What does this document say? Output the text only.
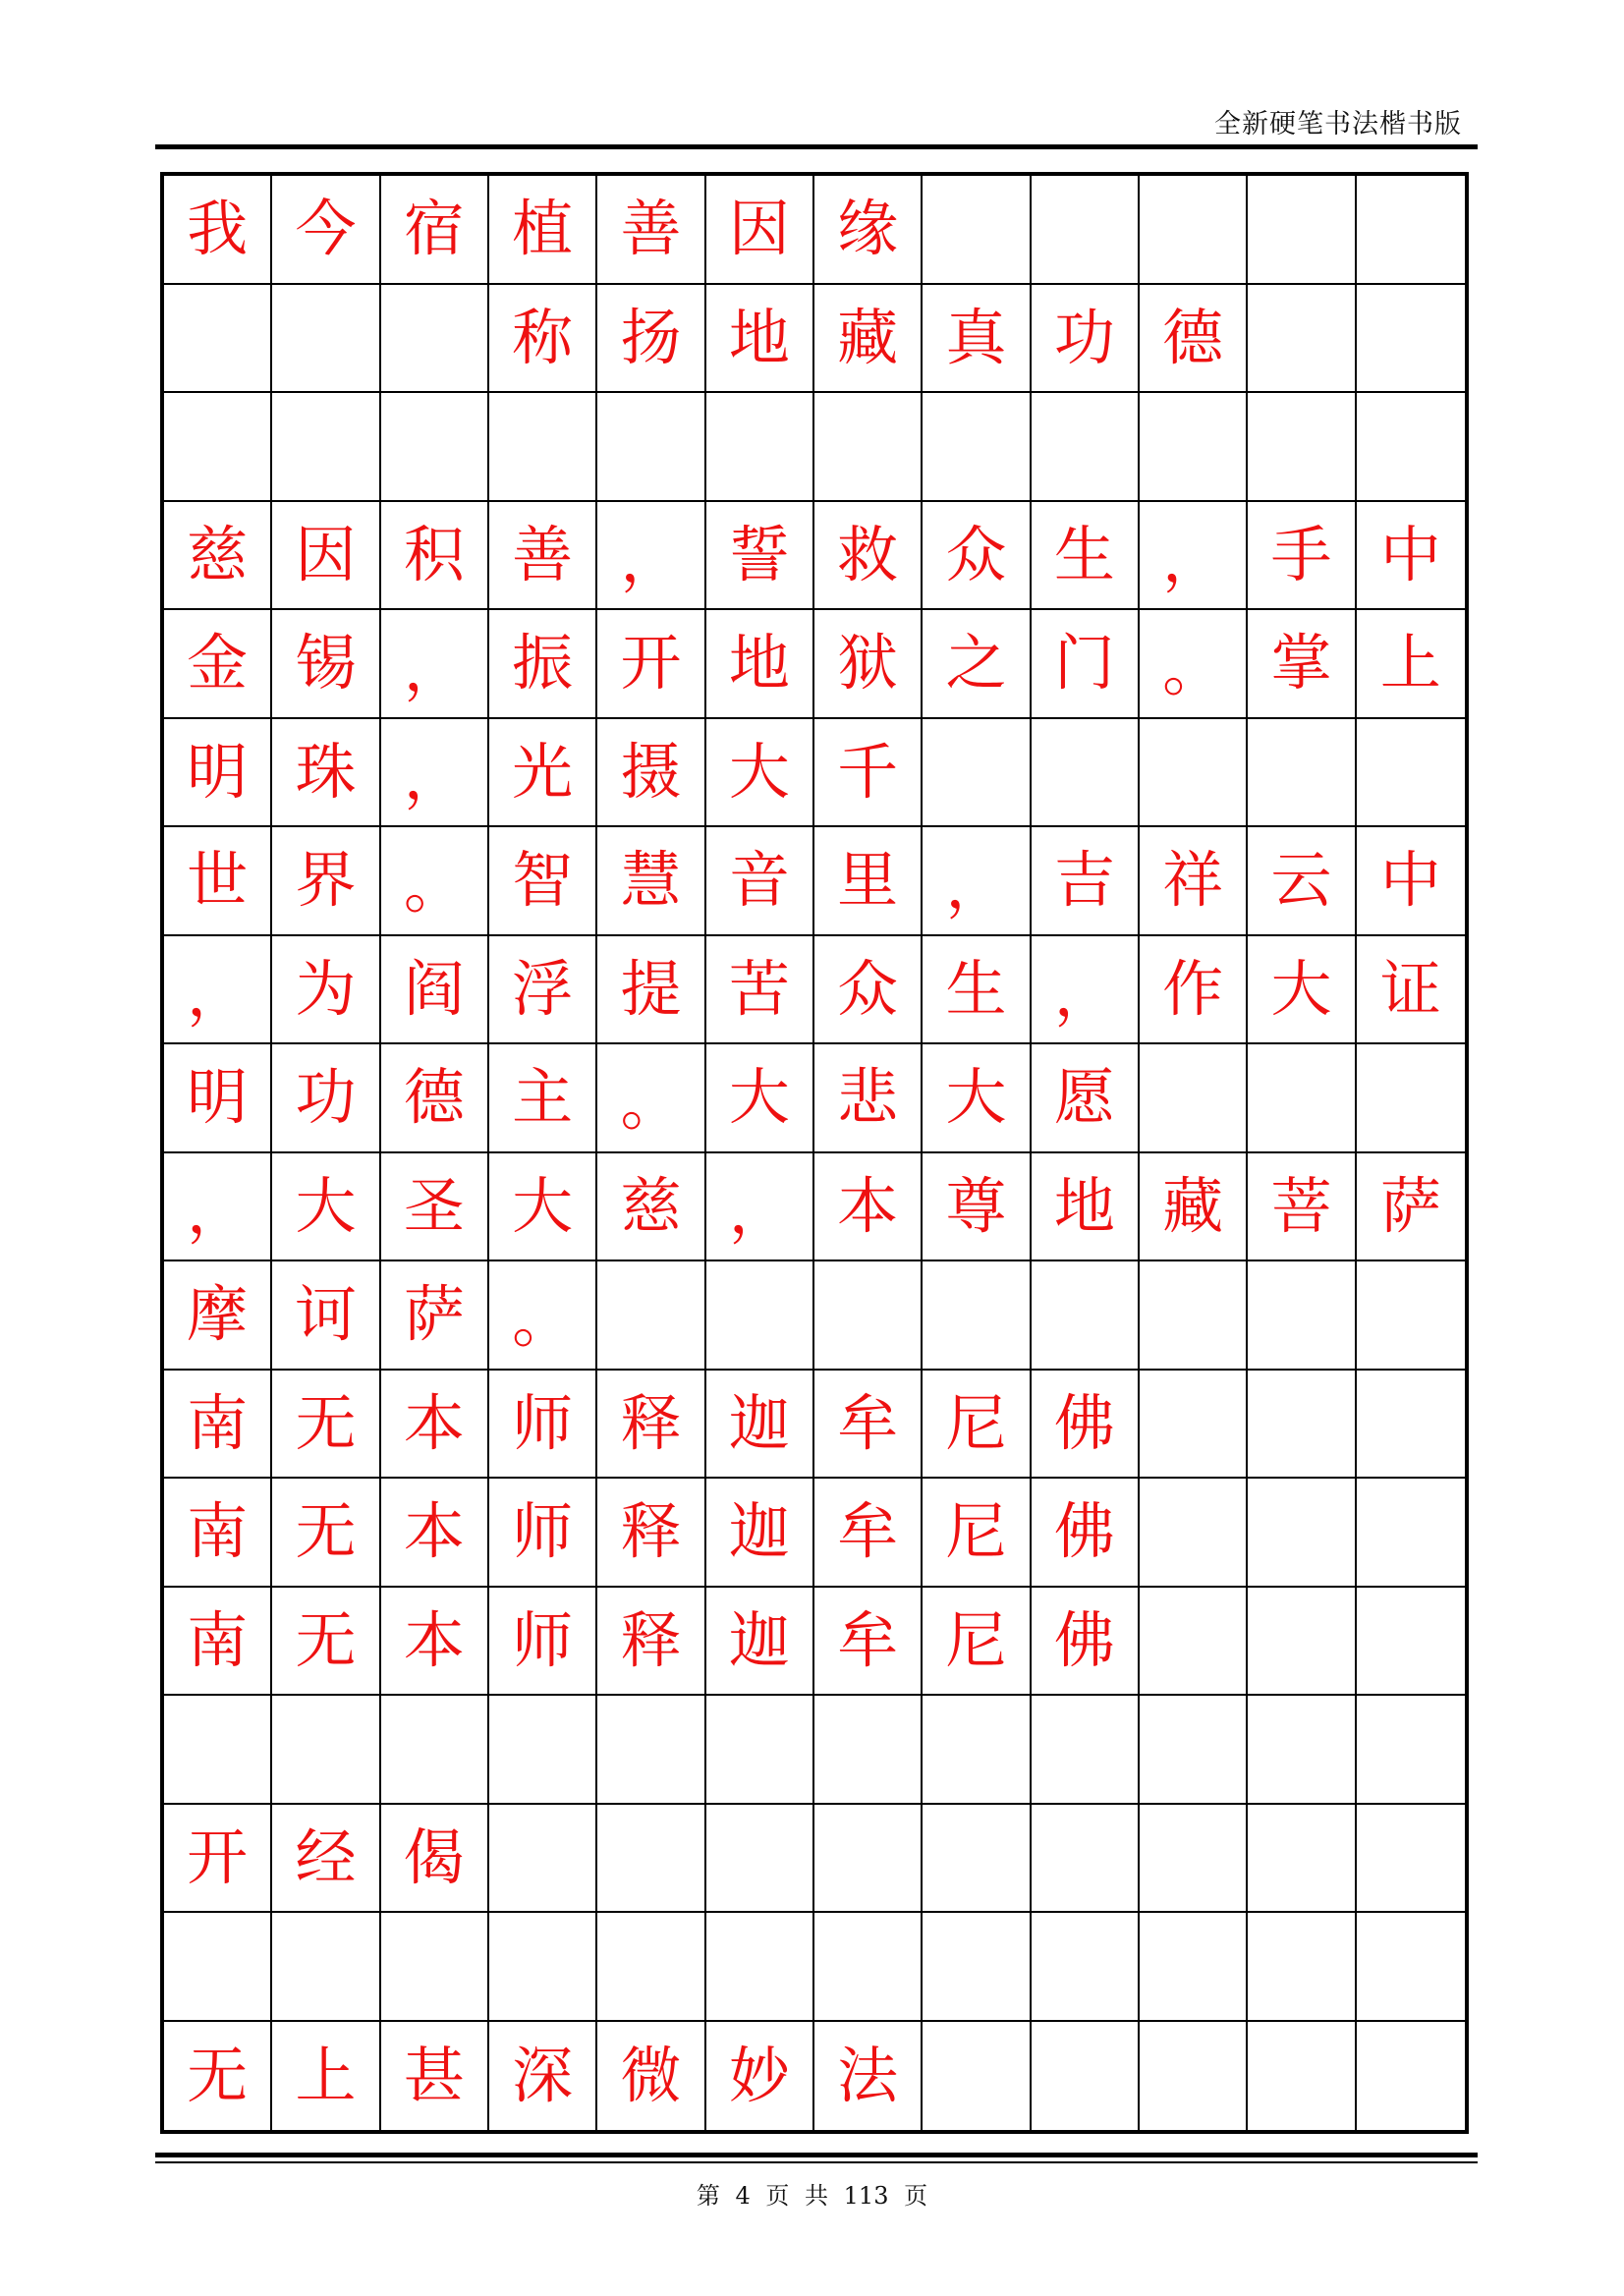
全新硬笔书法楷书版
我 今 宿 植 善 因 缘
称 扬 地 藏 真 功 德
慈 因 积 善 ， 誓 救 众 生 ， 手 中
金 锡 ， 振 开 地 狱 之 门 。 掌 上
明 珠 ， 光 摄 大 千
世 界 。 智 慧 音 里 ， 吉 祥 云 中
， 为 阎 浮 提 苦 众 生 ， 作 大 证
明 功 德 主 。 大 悲 大 愿
， 大 圣 大 慈 ， 本 尊 地 藏 菩 萨
摩 诃 萨 。
南 无 本 师 释 迦 牟 尼 佛
南 无 本 师 释 迦 牟 尼 佛
南 无 本 师 释 迦 牟 尼 佛
开 经 偈
无 上 甚 深 微 妙 法
第 4 页 共 113 页
